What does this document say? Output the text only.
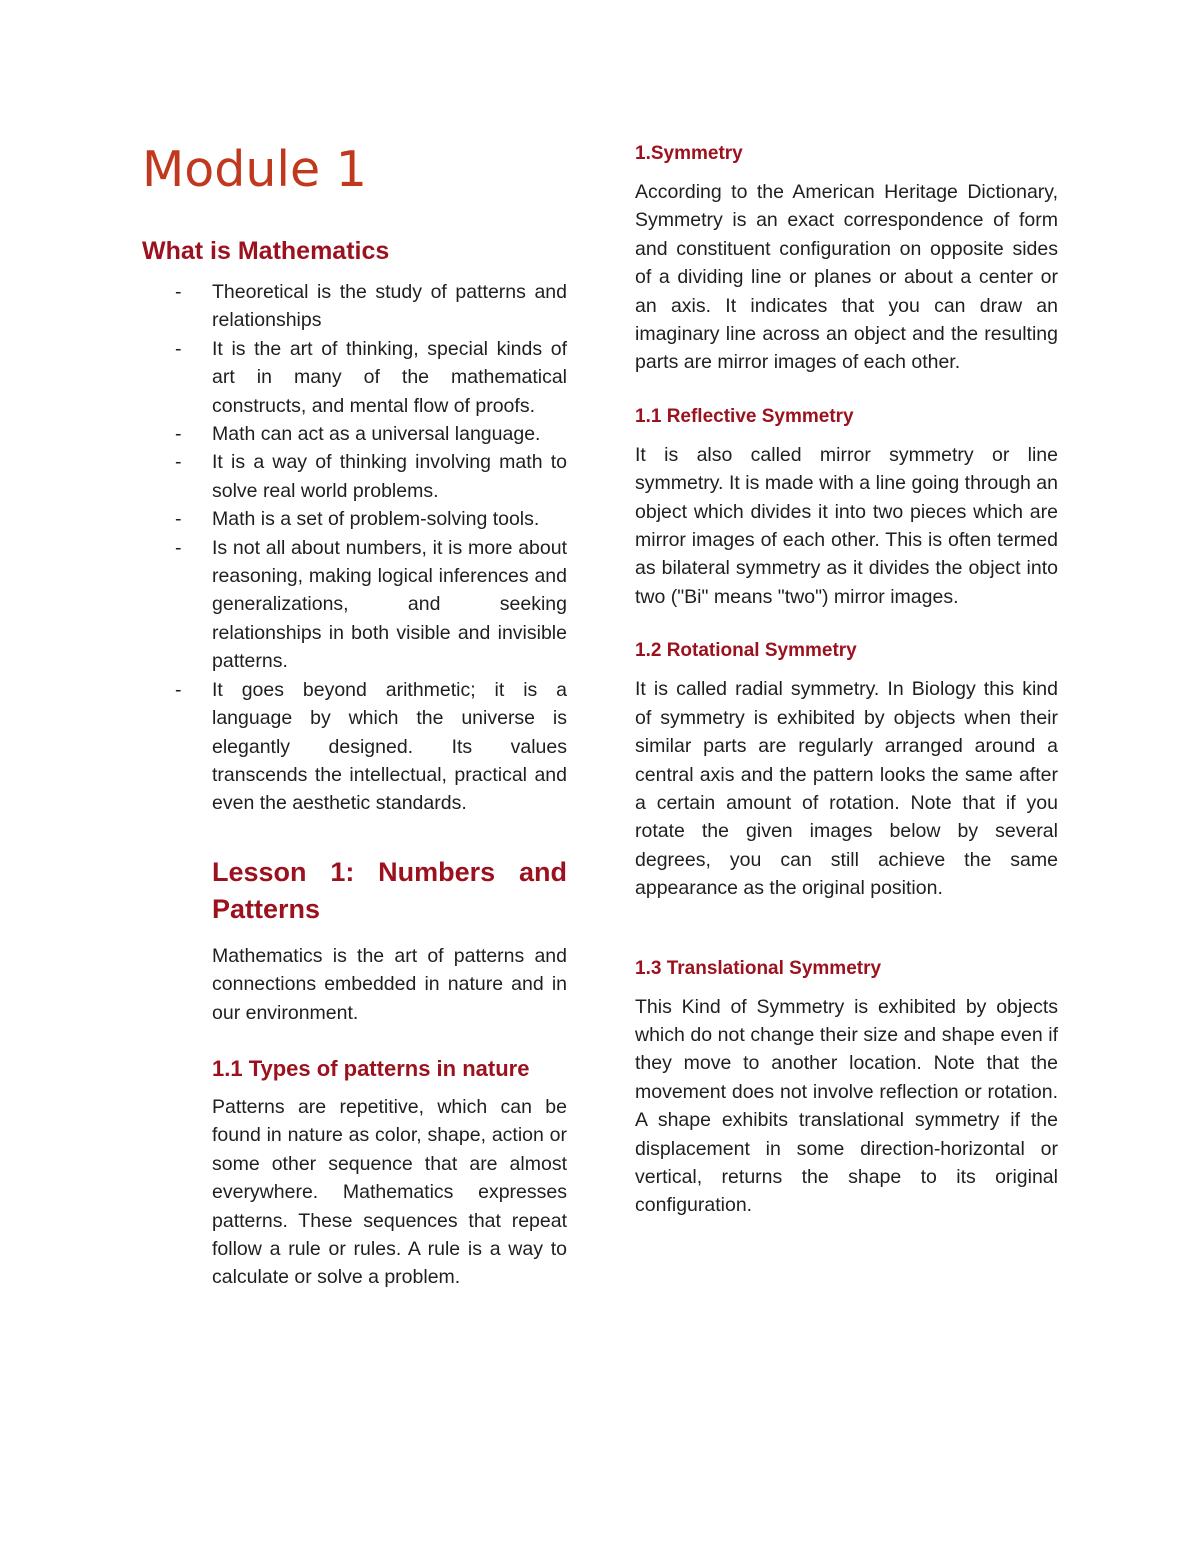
Module 1
What is Mathematics
- Theoretical is the study of patterns and relationships
- It is the art of thinking, special kinds of art in many of the mathematical constructs, and mental flow of proofs.
- Math can act as a universal language.
- It is a way of thinking involving math to solve real world problems.
- Math is a set of problem-solving tools.
- Is not all about numbers, it is more about reasoning, making logical inferences and generalizations, and seeking relationships in both visible and invisible patterns.
- It goes beyond arithmetic; it is a language by which the universe is elegantly designed. Its values transcends the intellectual, practical and even the aesthetic standards.
Lesson 1: Numbers and Patterns

Mathematics is the art of patterns and connections embedded in nature and in our environment.

1.1 Types of patterns in nature

Patterns are repetitive, which can be found in nature as color, shape, action or some other sequence that are almost everywhere. Mathematics expresses patterns. These sequences that repeat follow a rule or rules. A rule is a way to calculate or solve a problem.

1.Symmetry

According to the American Heritage Dictionary, Symmetry is an exact correspondence of form and constituent configuration on opposite sides of a dividing line or planes or about a center or an axis. It indicates that you can draw an imaginary line across an object and the resulting parts are mirror images of each other.

1.1 Reflective Symmetry

It is also called mirror symmetry or line symmetry. It is made with a line going through an object which divides it into two pieces which are mirror images of each other. This is often termed as bilateral symmetry as it divides the object into two ("Bi" means "two") mirror images.

1.2 Rotational Symmetry

It is called radial symmetry. In Biology this kind of symmetry is exhibited by objects when their similar parts are regularly arranged around a central axis and the pattern looks the same after a certain amount of rotation. Note that if you rotate the given images below by several degrees, you can still achieve the same appearance as the original position.

1.3 Translational Symmetry

This Kind of Symmetry is exhibited by objects which do not change their size and shape even if they move to another location. Note that the movement does not involve reflection or rotation. A shape exhibits translational symmetry if the displacement in some direction-horizontal or vertical, returns the shape to its original configuration.
